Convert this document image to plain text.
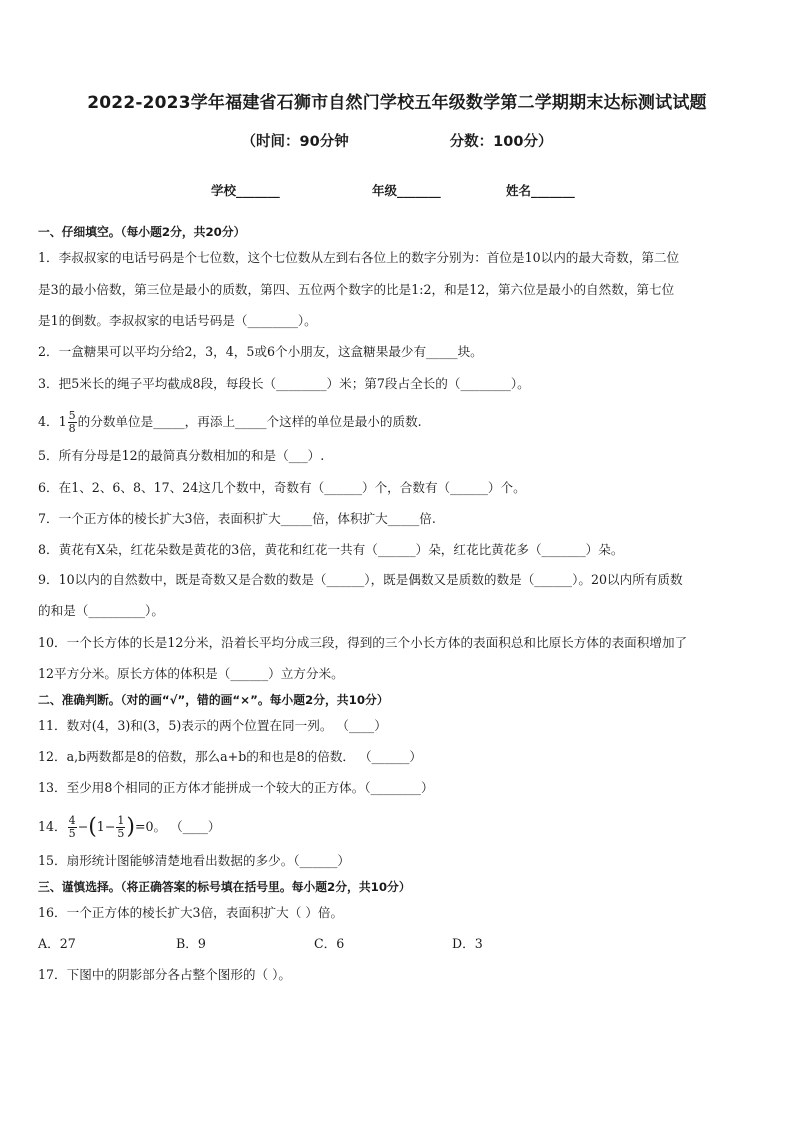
2022-2023学年福建省石狮市自然门学校五年级数学第二学期期末达标测试试题
（时间：90分钟                    分数：100分）
学校_______	年级_______	姓名_______
一、仔细填空。（每小题2分，共20分）
1．李叔叔家的电话号码是个七位数，这个七位数从左到右各位上的数字分别为：首位是10以内的最大奇数，第二位
是3的最小倍数，第三位是最小的质数，第四、五位两个数字的比是1:2，和是12，第六位是最小的自然数，第七位
是1的倒数。李叔叔家的电话号码是（________）。
2．一盒糖果可以平均分给2，3，4，5或6个小朋友，这盒糖果最少有_____块。
3．把5米长的绳子平均截成8段，每段长（________）米；第7段占全长的（________）。
4．$1 \frac{5}{8}$ 的分数单位是_____，再添上_____个这样的单位是最小的质数.
5．所有分母是12的最简真分数相加的和是（___）.
6．在1、2、6、8、17、24这几个数中，奇数有（______）个，合数有（______）个。
7．一个正方体的棱长扩大3倍，表面积扩大_____倍，体积扩大_____倍.
8．黄花有X朵，红花朵数是黄花的3倍，黄花和红花一共有（______）朵，红花比黄花多（_______）朵。
9．10以内的自然数中，既是奇数又是合数的数是（______），既是偶数又是质数的数是（______）。20以内所有质数
的和是（_________）。
10．一个长方体的长是12分米，沿着长平均分成三段，得到的三个小长方体的表面积总和比原长方体的表面积增加了
12平方分米。原长方体的体积是（______）立方分米。
二、准确判断。（对的画“√”，错的画“×”。每小题2分，共10分）
11．数对(4，3)和(3，5)表示的两个位置在同一列。 （____）
12．a,b两数都是8的倍数，那么a+b的和也是8的倍数． （______）
13．至少用8个相同的正方体才能拼成一个较大的正方体。（________）
14． $\frac{4}{5} -(1- \frac{1}{5} )=0$。 （____）
15．扇形统计图能够清楚地看出数据的多少。（______）
三、谨慎选择。（将正确答案的标号填在括号里。每小题2分，共10分）
16．一个正方体的棱长扩大3倍，表面积扩大（ ）倍。
A．27	B．9	C．6	D．3
17．下图中的阴影部分各占整个图形的（ ）。
